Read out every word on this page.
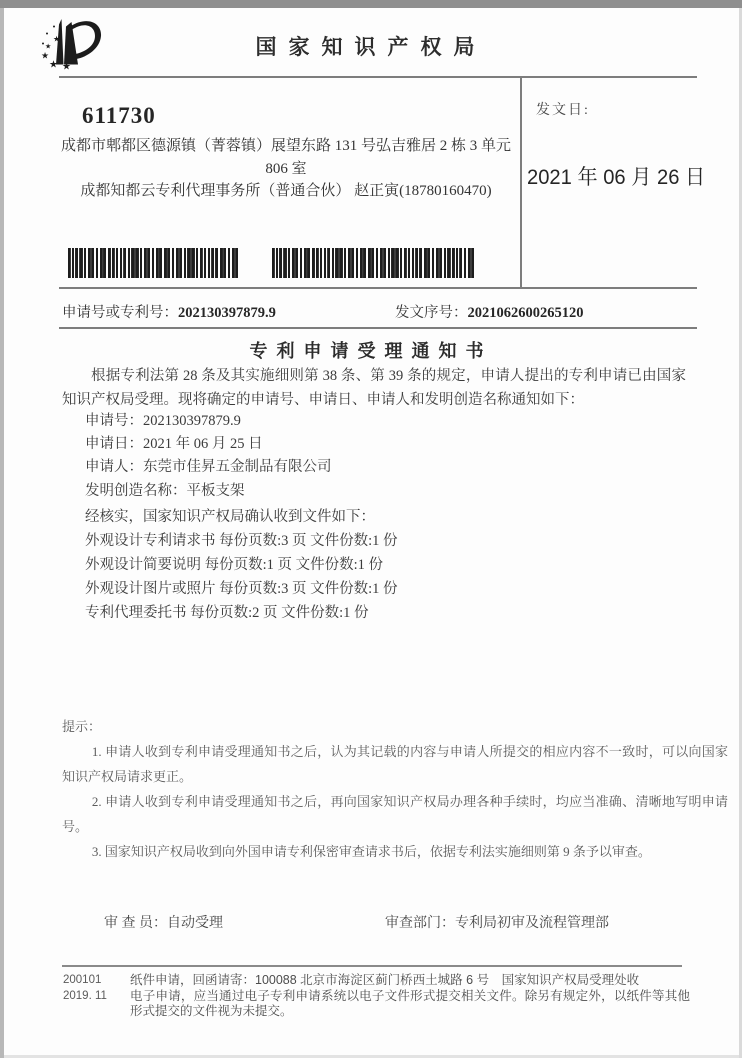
★
★
★
★ ★
国家知识产权局
611730
成都市郫都区德源镇（菁蓉镇）展望东路 131 号弘吉雅居 2 栋 3 单元
806 室
成都知都云专利代理事务所（普通合伙） 赵正寅(18780160470)
发文日:
2021 年 06 月 26 日
申请号或专利号：202130397879.9	发文序号：2021062600265120
专利申请受理通知书
根据专利法第 28 条及其实施细则第 38 条、第 39 条的规定，申请人提出的专利申请已由国家知识产权局受理。现将确定的申请号、申请日、申请人和发明创造名称通知如下：
申请号：202130397879.9
申请日：2021 年 06 月 25 日
申请人：东莞市佳昇五金制品有限公司
发明创造名称：平板支架
经核实，国家知识产权局确认收到文件如下：
外观设计专利请求书 每份页数:3 页 文件份数:1 份
外观设计简要说明 每份页数:1 页 文件份数:1 份
外观设计图片或照片 每份页数:3 页 文件份数:1 份
专利代理委托书 每份页数:2 页 文件份数:1 份

提示：

1. 申请人收到专利申请受理通知书之后，认为其记载的内容与申请人所提交的相应内容不一致时，可以向国家知识产权局请求更正。

2. 申请人收到专利申请受理通知书之后，再向国家知识产权局办理各种手续时，均应当准确、清晰地写明申请号。

3. 国家知识产权局收到向外国申请专利保密审查请求书后，依据专利法实施细则第 9 条予以审查。

审 查 员：自动受理	审查部门：专利局初审及流程管理部
200101
2019. 11

纸件申请，回函请寄：100088 北京市海淀区蓟门桥西土城路 6 号　国家知识产权局受理处收

电子申请，应当通过电子专利申请系统以电子文件形式提交相关文件。除另有规定外，以纸件等其他形式提交的文件视为未提交。
